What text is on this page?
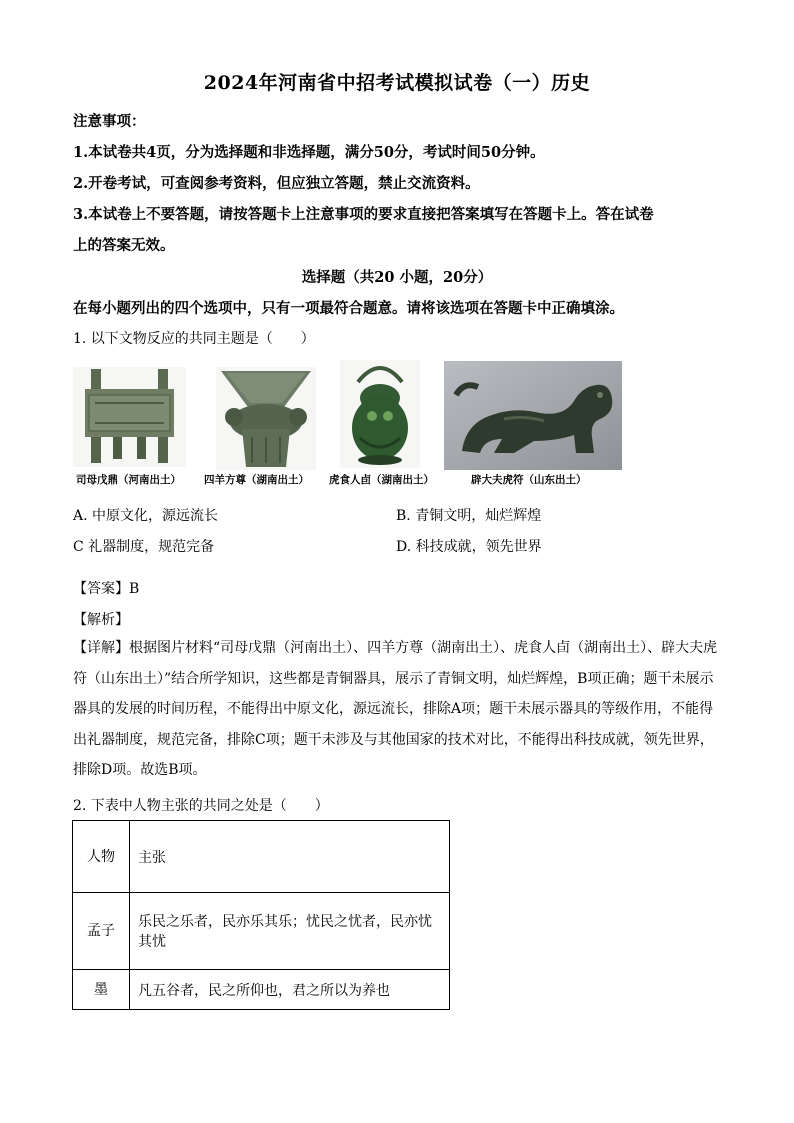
2024年河南省中招考试模拟试卷（一）历史
注意事项：
1.本试卷共4页，分为选择题和非选择题，满分50分，考试时间50分钟。
2.开卷考试，可查阅参考资料，但应独立答题，禁止交流资料。
3.本试卷上不要答题，请按答题卡上注意事项的要求直接把答案填写在答题卡上。答在试卷
上的答案无效。
选择题（共20 小题，20分）
在每小题列出的四个选项中，只有一项最符合题意。请将该选项在答题卡中正确填涂。
1. 以下文物反应的共同主题是（　　）
司母戊鼎（河南出土） 四羊方尊（湖南出土） 虎食人卣（湖南出土）	辟大夫虎符（山东出土）
A. 中原文化，源远流长	B. 青铜文明，灿烂辉煌
C 礼器制度，规范完备	D. 科技成就，领先世界
【答案】B
【解析】
【详解】根据图片材料“司母戊鼎（河南出土）、四羊方尊（湖南出土）、虎食人卣（湖南出土）、辟大夫虎
符（山东出土）”结合所学知识，这些都是青铜器具，展示了青铜文明，灿烂辉煌，B项正确；题干未展示
器具的发展的时间历程，不能得出中原文化，源远流长，排除A项；题干未展示器具的等级作用，不能得
出礼器制度，规范完备，排除C项；题干未涉及与其他国家的技术对比，不能得出科技成就，领先世界，
排除D项。故选B项。
2. 下表中人物主张的共同之处是（　　）
人物	主张
孟子	乐民之乐者，民亦乐其乐；忧民之忧者，民亦忧其忧
墨	凡五谷者，民之所仰也，君之所以为养也
